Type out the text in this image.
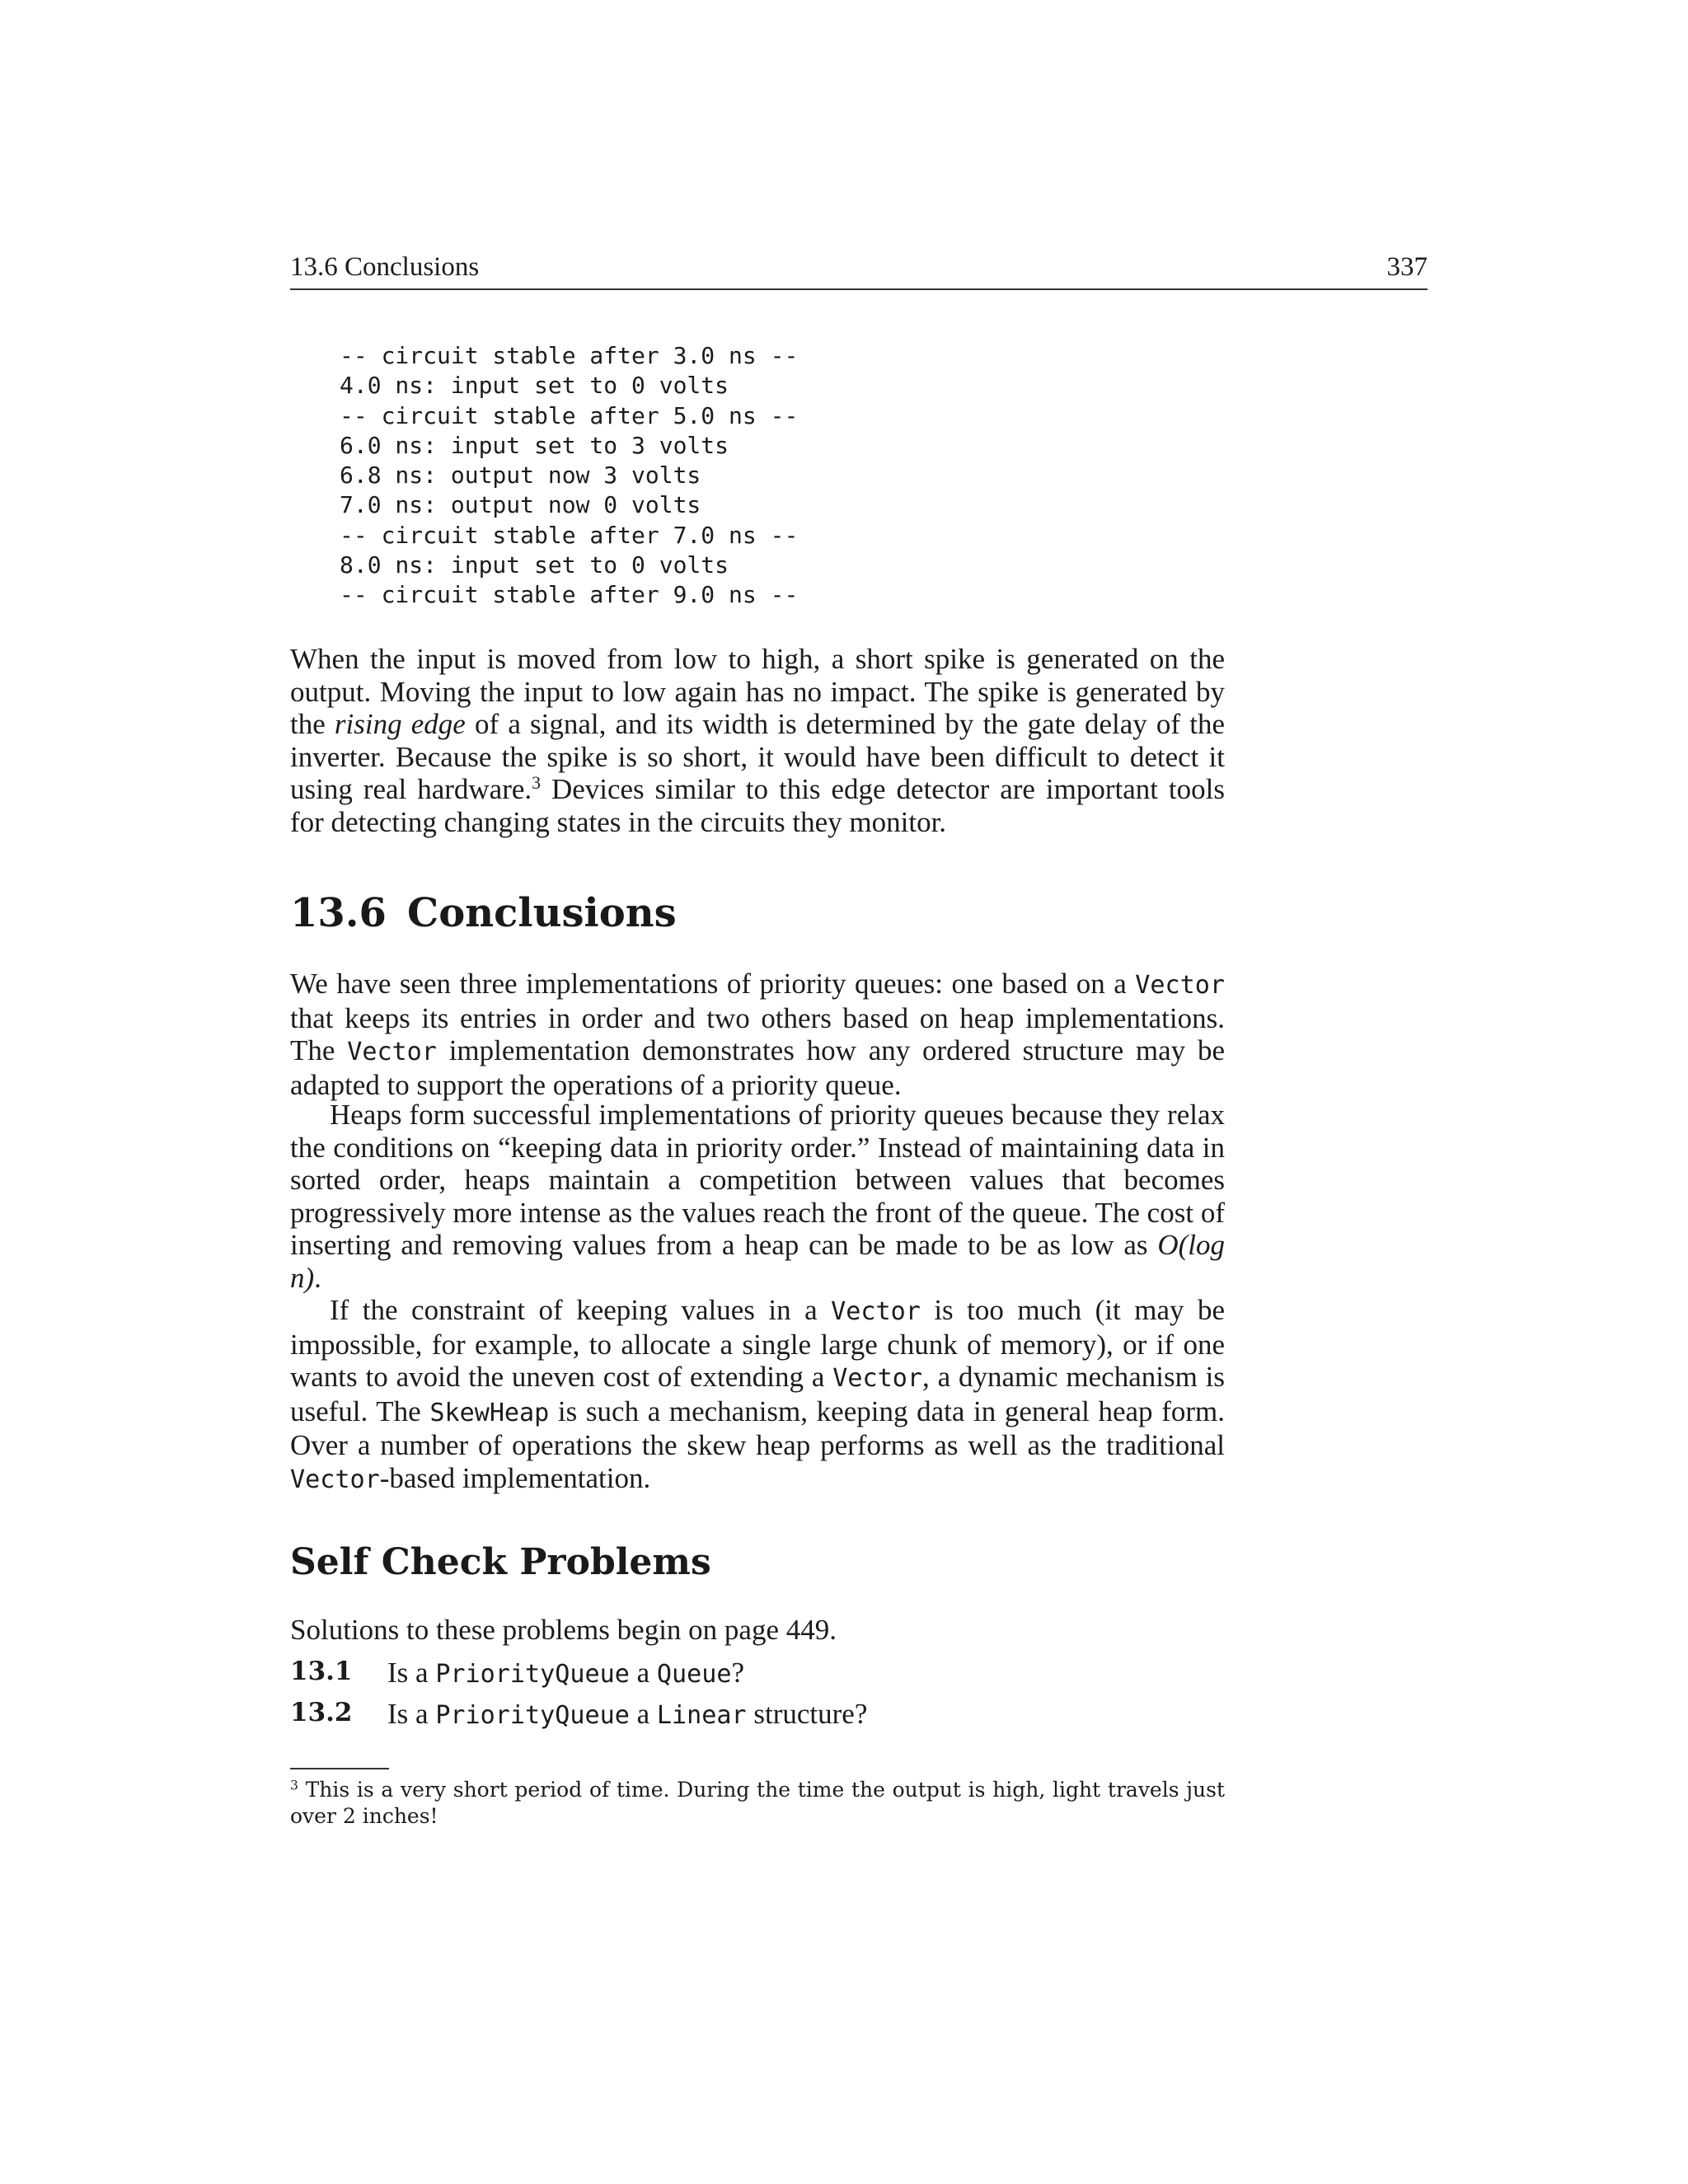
13.6 Conclusions	337
-- circuit stable after 3.0 ns --
4.0 ns: input set to 0 volts
-- circuit stable after 5.0 ns --
6.0 ns: input set to 3 volts
6.8 ns: output now 3 volts
7.0 ns: output now 0 volts
-- circuit stable after 7.0 ns --
8.0 ns: input set to 0 volts
-- circuit stable after 9.0 ns --

When the input is moved from low to high, a short spike is generated on the output. Moving the input to low again has no impact. The spike is generated by the rising edge of a signal, and its width is determined by the gate delay of the inverter. Because the spike is so short, it would have been difficult to detect it using real hardware.$^3$ Devices similar to this edge detector are important tools for detecting changing states in the circuits they monitor.

13.6 Conclusions

We have seen three implementations of priority queues: one based on a Vector that keeps its entries in order and two others based on heap implementations. The Vector implementation demonstrates how any ordered structure may be adapted to support the operations of a priority queue.

Heaps form successful implementations of priority queues because they relax the conditions on “keeping data in priority order.” Instead of maintaining data in sorted order, heaps maintain a competition between values that becomes progressively more intense as the values reach the front of the queue. The cost of inserting and removing values from a heap can be made to be as low as O(log n).

If the constraint of keeping values in a Vector is too much (it may be impossible, for example, to allocate a single large chunk of memory), or if one wants to avoid the uneven cost of extending a Vector, a dynamic mechanism is useful. The SkewHeap is such a mechanism, keeping data in general heap form. Over a number of operations the skew heap performs as well as the traditional Vector-based implementation.

Self Check Problems

Solutions to these problems begin on page 449.

13.1 Is a PriorityQueue a Queue?
13.2 Is a PriorityQueue a Linear structure?

$^3$ This is a very short period of time. During the time the output is high, light travels just over 2 inches!
